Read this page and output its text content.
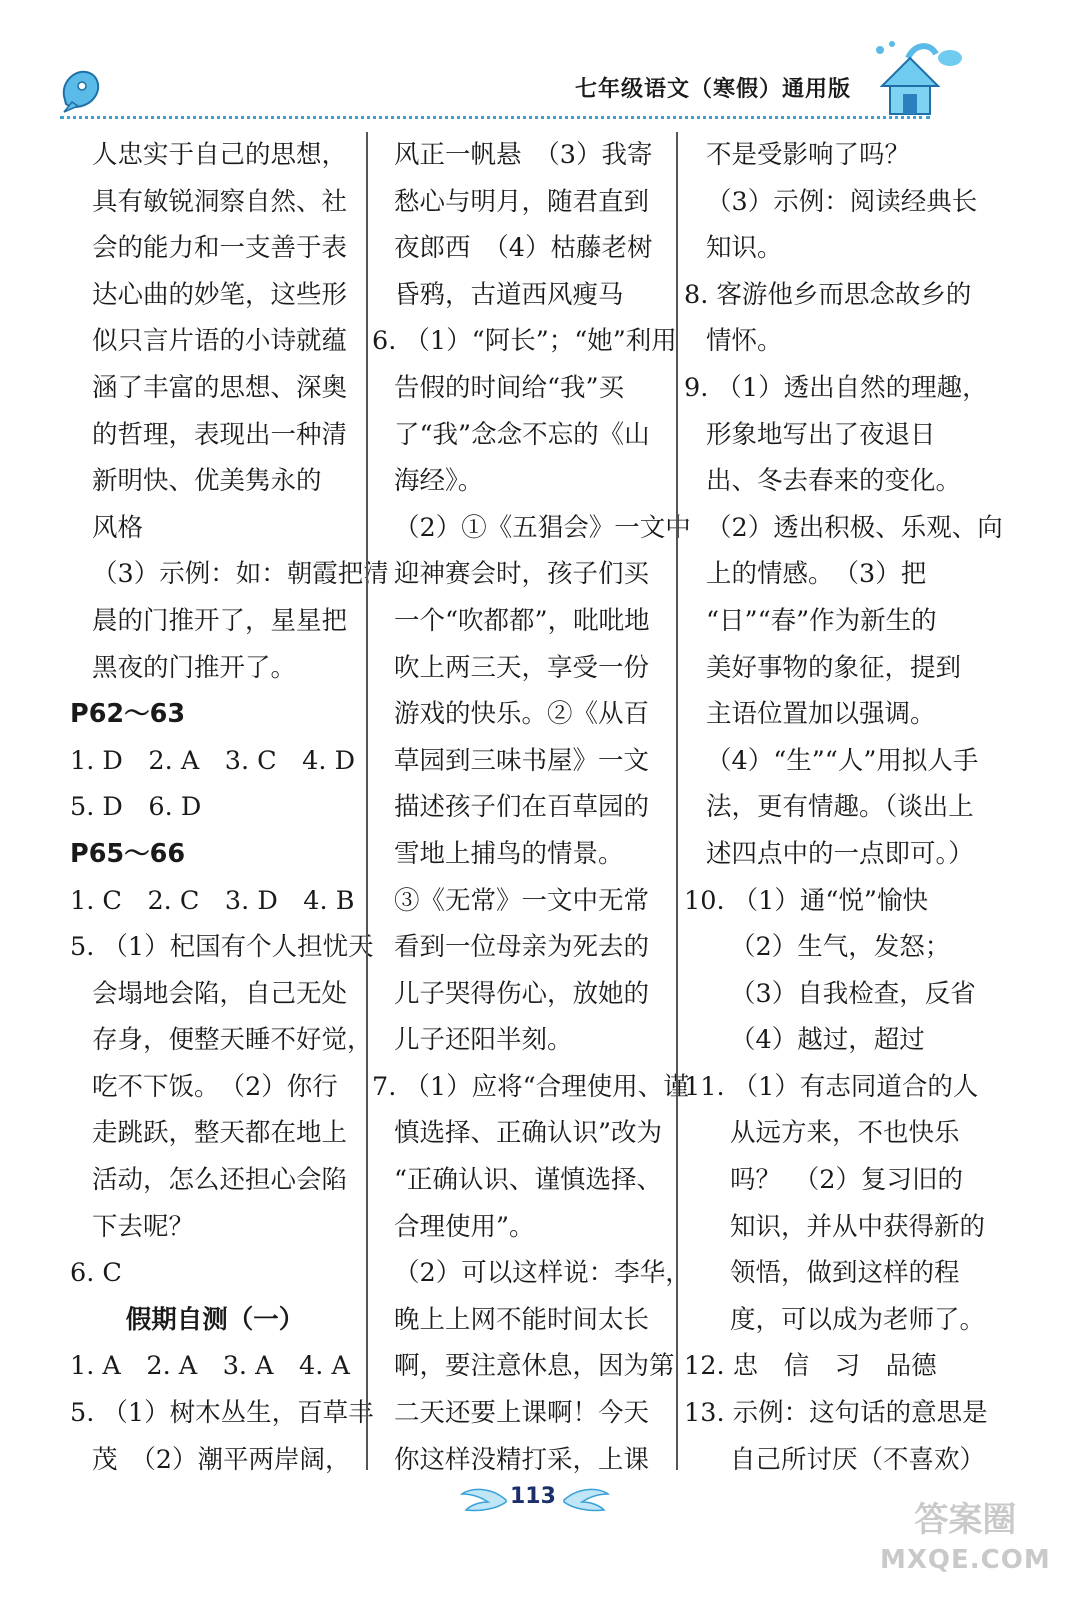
七年级语文（寒假）通用版
人忠实于自己的思想，
具有敏锐洞察自然、社
会的能力和一支善于表
达心曲的妙笔，这些形
似只言片语的小诗就蕴
涵了丰富的思想、深奥
的哲理，表现出一种清
新明快、优美隽永的
风格
（3）示例：如：朝霞把清
晨的门推开了，星星把
黑夜的门推开了。
P62～63
1. D　2. A　3. C　4. D
5. D　6. D
P65～66
1. C　2. C　3. D　4. B
5. （1）杞国有个人担忧天
会塌地会陷，自己无处
存身，便整天睡不好觉，
吃不下饭。　（2）你行
走跳跃，整天都在地上
活动，怎么还担心会陷
下去呢？
6. C
假期自测（一）
1. A　2. A　3. A　4. A
5. （1）树木丛生，百草丰
茂　（2）潮平两岸阔，
风正一帆悬　（3）我寄
愁心与明月，随君直到
夜郎西　（4）枯藤老树
昏鸦，古道西风瘦马
6. （1）“阿长”；“她”利用
告假的时间给“我”买
了“我”念念不忘的《山
海经》。
（2）①《五猖会》一文中
迎神赛会时，孩子们买
一个“吹都都”，吡吡地
吹上两三天，享受一份
游戏的快乐。②《从百
草园到三味书屋》一文
描述孩子们在百草园的
雪地上捕鸟的情景。
③《无常》一文中无常
看到一位母亲为死去的
儿子哭得伤心，放她的
儿子还阳半刻。
7. （1）应将“合理使用、谨
慎选择、正确认识”改为
“正确认识、谨慎选择、
合理使用”。
（2）可以这样说：李华，
晚上上网不能时间太长
啊，要注意休息，因为第
二天还要上课啊！今天
你这样没精打采，上课
不是受影响了吗？
（3）示例：阅读经典长
知识。
8. 客游他乡而思念故乡的
情怀。
9. （1）透出自然的理趣，
形象地写出了夜退日
出、冬去春来的变化。
（2）透出积极、乐观、向
上的情感。　（3）把
“日”“春”作为新生的
美好事物的象征，提到
主语位置加以强调。
（4）“生”“人”用拟人手
法，更有情趣。（谈出上
述四点中的一点即可。）
10. （1）通“悦”愉快
（2）生气，发怒；
（3）自我检查，反省
（4）越过，超过
11. （1）有志同道合的人
从远方来，不也快乐
吗？　（2）复习旧的
知识，并从中获得新的
领悟，做到这样的程
度，可以成为老师了。
12. 忠　信　习　品德
13. 示例：这句话的意思是
自己所讨厌（不喜欢）
113
答案圈
MXQE.COM
